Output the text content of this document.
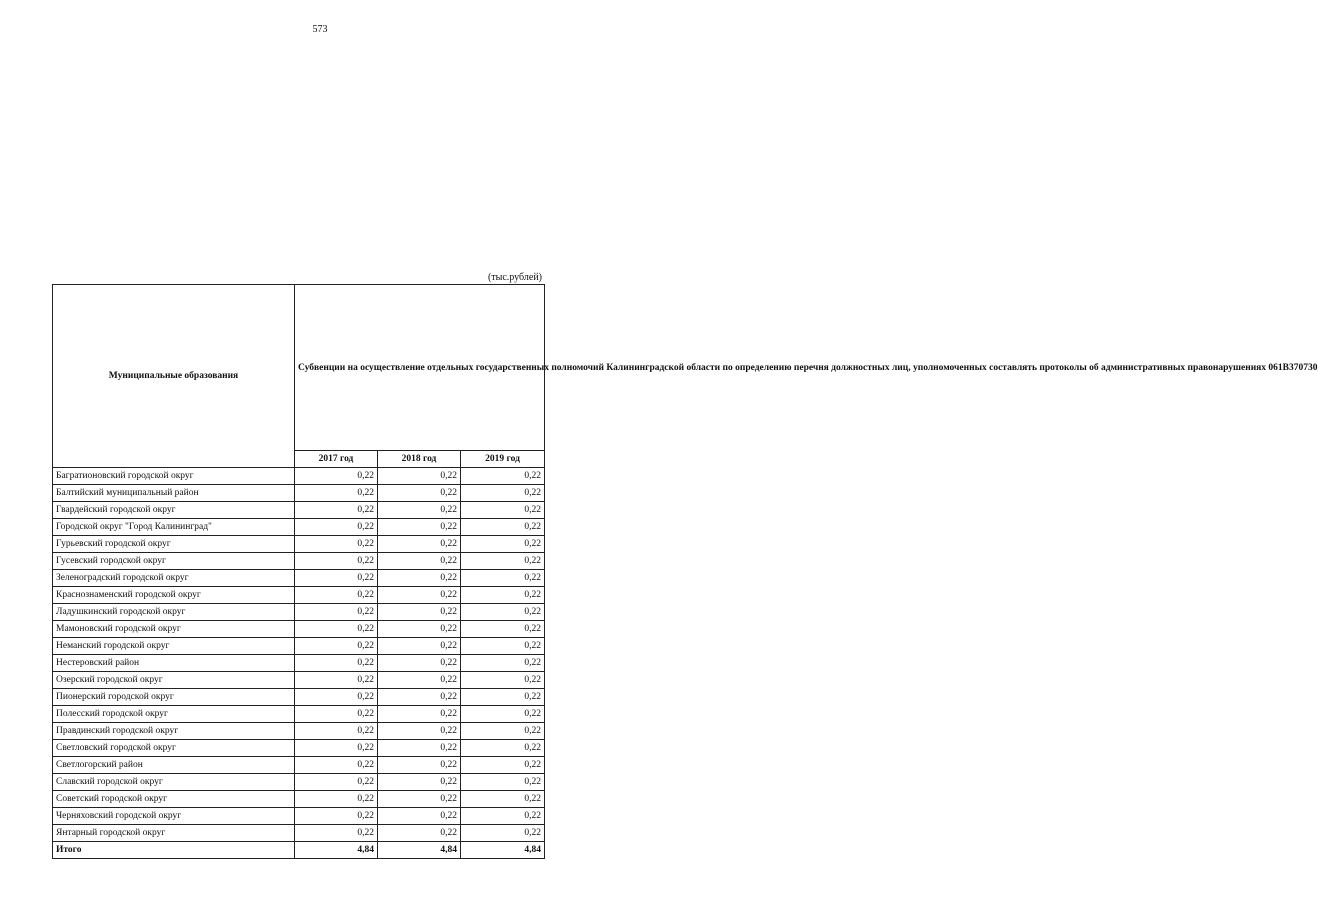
573
(тыс.рублей)
Муниципальные образования	Субвенции на осуществление отдельных государственных полномочий Калининградской области по определению перечня должностных лиц, уполномоченных составлять протоколы об административных правонарушениях 061В370730		
	2017 год	2018 год	2019 год
Багратионовский городской округ	0,22	0,22	0,22
Балтийский муниципальный район	0,22	0,22	0,22
Гвардейский городской округ	0,22	0,22	0,22
Городской округ "Город Калининград"	0,22	0,22	0,22
Гурьевский городской округ	0,22	0,22	0,22
Гусевский городской округ	0,22	0,22	0,22
Зеленоградский городской округ	0,22	0,22	0,22
Краснознаменский городской округ	0,22	0,22	0,22
Ладушкинский городской округ	0,22	0,22	0,22
Мамоновский городской округ	0,22	0,22	0,22
Неманский городской округ	0,22	0,22	0,22
Нестеровский район	0,22	0,22	0,22
Озерский городской округ	0,22	0,22	0,22
Пионерский городской округ	0,22	0,22	0,22
Полесский городской округ	0,22	0,22	0,22
Правдинский городской округ	0,22	0,22	0,22
Светловский городской округ	0,22	0,22	0,22
Светлогорский район	0,22	0,22	0,22
Славский городской округ	0,22	0,22	0,22
Советский городской округ	0,22	0,22	0,22
Черняховский городской округ	0,22	0,22	0,22
Янтарный городской округ	0,22	0,22	0,22
Итого	4,84	4,84	4,84
